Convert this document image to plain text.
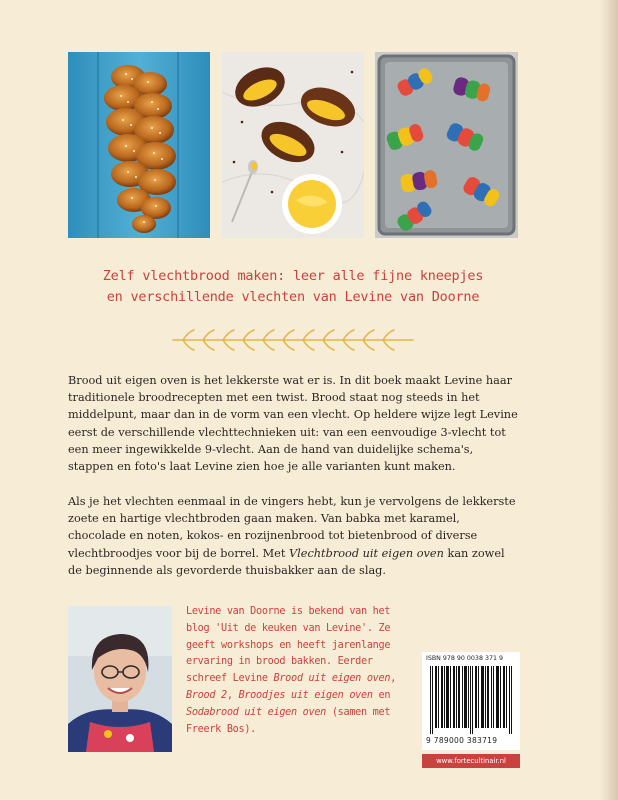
Zelf vlechtbrood maken: leer alle fijne kneepjes
en verschillende vlechten van Levine van Doorne

Brood uit eigen oven is het lekkerste wat er is. In dit boek maakt Levine haar traditionele broodrecepten met een twist. Brood staat nog steeds in het middelpunt, maar dan in de vorm van een vlecht. Op heldere wijze legt Levine eerst de verschillende vlechttechnieken uit: van een eenvoudige 3-vlecht tot een meer ingewikkelde 9-vlecht. Aan de hand van duidelijke schema's, stappen en foto's laat Levine zien hoe je alle varianten kunt maken.

Als je het vlechten eenmaal in de vingers hebt, kun je vervolgens de lekkerste zoete en hartige vlechtbroden gaan maken. Van babka met karamel, chocolade en noten, kokos- en rozijnenbrood tot bietenbrood of diverse vlechtbroodjes voor bij de borrel. Met Vlechtbrood uit eigen oven kan zowel de beginnende als gevorderde thuisbakker aan de slag.

Levine van Doorne is bekend van het blog 'Uit de keuken van Levine'. Ze geeft workshops en heeft jarenlange ervaring in brood bakken. Eerder schreef Levine Brood uit eigen oven, Brood 2, Broodjes uit eigen oven en Sodabrood uit eigen oven (samen met Freerk Bos).
ISBN 978 90 0038 371 9
9 789000 383719
www.fortecultinair.nl
